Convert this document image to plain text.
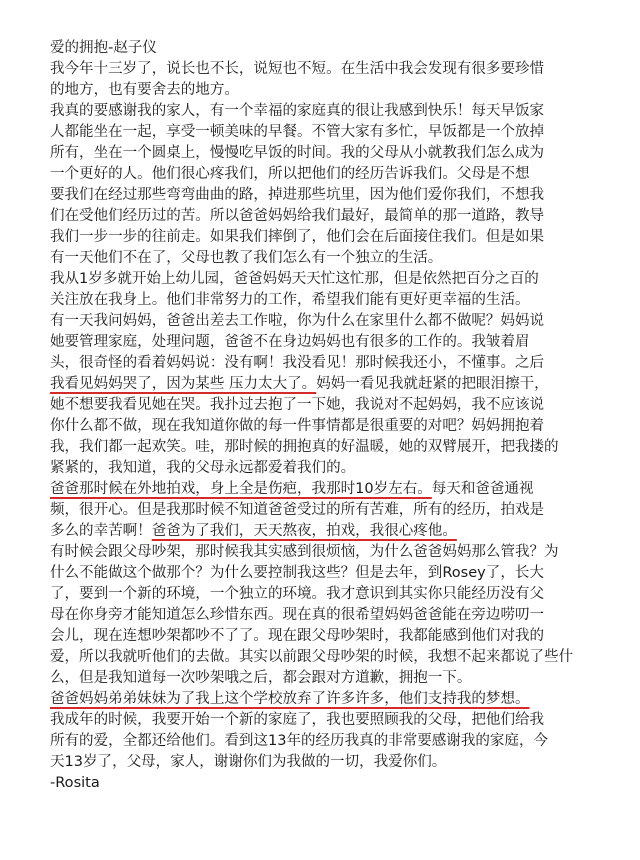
爱的拥抱-赵子仪
我今年十三岁了，说长也不长，说短也不短。在生活中我会发现有很多要珍惜
的地方，也有要舍去的地方。
我真的要感谢我的家人，有一个幸福的家庭真的很让我感到快乐！每天早饭家
人都能坐在一起，享受一顿美味的早餐。不管大家有多忙，早饭都是一个放掉
所有，坐在一个圆桌上，慢慢吃早饭的时间。我的父母从小就教我们怎么成为
一个更好的人。他们很心疼我们，所以把他们的经历告诉我们。父母是不想
要我们在经过那些弯弯曲曲的路，掉进那些坑里，因为他们爱你我们，不想我
们在受他们经历过的苦。所以爸爸妈妈给我们最好，最简单的那一道路，教导
我们一步一步的往前走。如果我们摔倒了，他们会在后面接住我们。但是如果
有一天他们不在了，父母也教了我们怎么有一个独立的生活。
我从1岁多就开始上幼儿园，爸爸妈妈天天忙这忙那，但是依然把百分之百的
关注放在我身上。他们非常努力的工作，希望我们能有更好更幸福的生活。
有一天我问妈妈，爸爸出差去工作啦，你为什么在家里什么都不做呢？妈妈说
她要管理家庭，处理问题，爸爸不在身边妈妈也有很多的工作的。我皱着眉
头，很奇怪的看着妈妈说：没有啊！我没看见！那时候我还小，不懂事。之后
我看见妈妈哭了，因为某些 压力太大了。妈妈一看见我就赶紧的把眼泪擦干，
她不想要我看见她在哭。我扑过去抱了一下她，我说对不起妈妈，我不应该说
你什么都不做，现在我知道你做的每一件事情都是很重要的对吧？妈妈拥抱着
我，我们都一起欢笑。哇，那时候的拥抱真的好温暖，她的双臂展开，把我搂的
紧紧的，我知道，我的父母永远都爱着我们的。
爸爸那时候在外地拍戏，身上全是伤疤，我那时10岁左右。每天和爸爸通视
频，很开心。但是我那时候不知道爸爸受过的所有苦难，所有的经历，拍戏是
多么的幸苦啊！爸爸为了我们，天天熬夜，拍戏，我很心疼他。
有时候会跟父母吵架，那时候我其实感到很烦恼，为什么爸爸妈妈那么管我？为
什么不能做这个做那个？为什么要控制我这些？但是去年，到Rosey了，长大
了，要到一个新的环境，一个独立的环境。我才意识到其实你只能经历没有父
母在你身旁才能知道怎么珍惜东西。现在真的很希望妈妈爸爸能在旁边唠叨一
会儿，现在连想吵架都吵不了了。现在跟父母吵架时，我都能感到他们对我的
爱，所以我就听他们的去做。其实以前跟父母吵架的时候，我想不起来都说了些什
么，但是我知道每一次吵架哦之后，都会跟对方道歉，拥抱一下。
爸爸妈妈弟弟妹妹为了我上这个学校放弃了许多许多，他们支持我的梦想。
我成年的时候，我要开始一个新的家庭了，我也要照顾我的父母，把他们给我
所有的爱，全都还给他们。看到这13年的经历我真的非常要感谢我的家庭，今
天13岁了，父母，家人，谢谢你们为我做的一切，我爱你们。
-Rosita
